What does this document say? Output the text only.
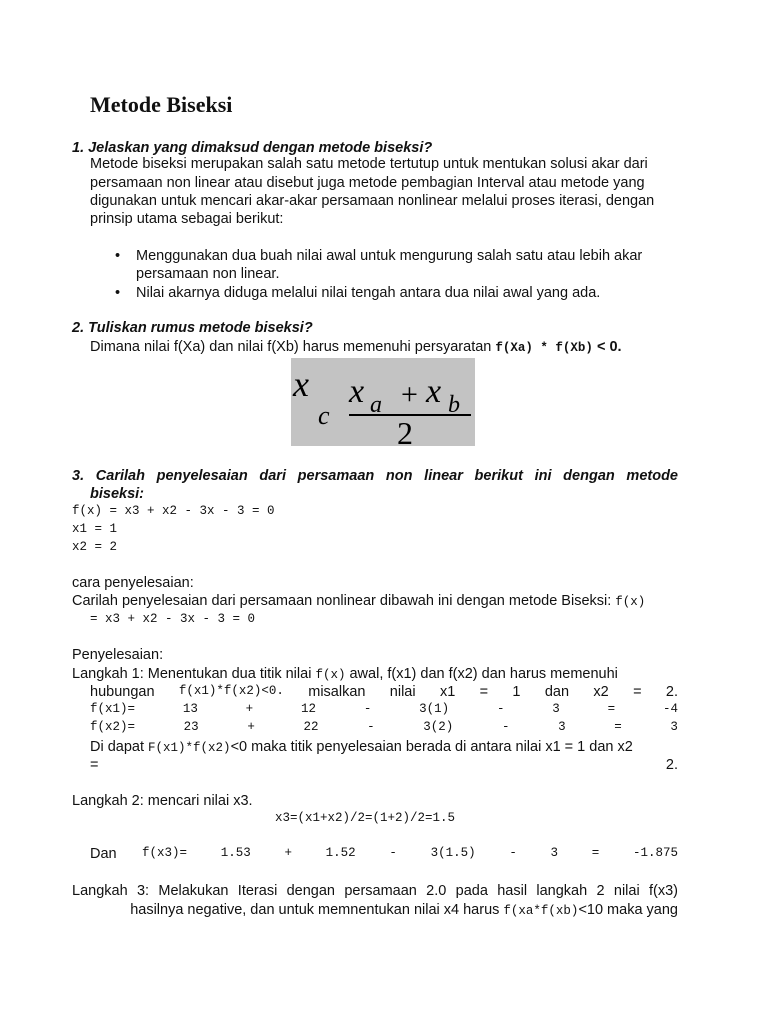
Metode Biseksi
1. Jelaskan yang dimaksud dengan metode biseksi?
Metode biseksi merupakan salah satu metode tertutup untuk mentukan solusi akar dari
persamaan non linear atau disebut juga metode pembagian Interval atau metode yang
digunakan untuk mencari akar-akar persamaan nonlinear melalui proses iterasi, dengan
prinsip utama sebagai berikut:
• Menggunakan dua buah nilai awal untuk mengurung salah satu atau lebih akar
persamaan non linear.
• Nilai akarnya diduga melalui nilai tengah antara dua nilai awal yang ada.
2. Tuliskan rumus metode biseksi?
Dimana nilai f(Xa) dan nilai f(Xb) harus memenuhi persyaratan f(Xa) * f(Xb) < 0.
x
c
x a + x b
2
3. Carilah penyelesaian dari persamaan non linear berikut ini dengan metode
biseksi:
f(x) = x3 + x2 - 3x - 3 = 0
x1 = 1
x2 = 2
cara penyelesaian:
Carilah penyelesaian dari persamaan nonlinear dibawah ini dengan metode Biseksi: f(x)
= x3 + x2 - 3x - 3 = 0
Penyelesaian:
Langkah 1: Menentukan dua titik nilai f(x) awal, f(x1) dan f(x2) dan harus memenuhi
hubungan f(x1)*f(x2)<0. misalkan nilai x1 = 1 dan x2 = 2.
f(x1)=	13	+	12	-	3(1)	-	3	=	-4
f(x2)=	23	+	22	-	3(2)	-	3	=	3
Di dapat F(x1)*f(x2)<0 maka titik penyelesaian berada di antara nilai x1 = 1 dan x2
=	2.
Langkah 2: mencari nilai x3.
x3=(x1+x2)/2=(1+2)/2=1.5
Dan f(x3)=	1.53	+	1.52	-	3(1.5)	-	3	=	-1.875
Langkah 3: Melakukan Iterasi dengan persamaan 2.0 pada hasil langkah 2 nilai f(x3)
hasilnya negative, dan untuk memnentukan nilai x4 harus f(xa*f(xb)<10 maka yang
